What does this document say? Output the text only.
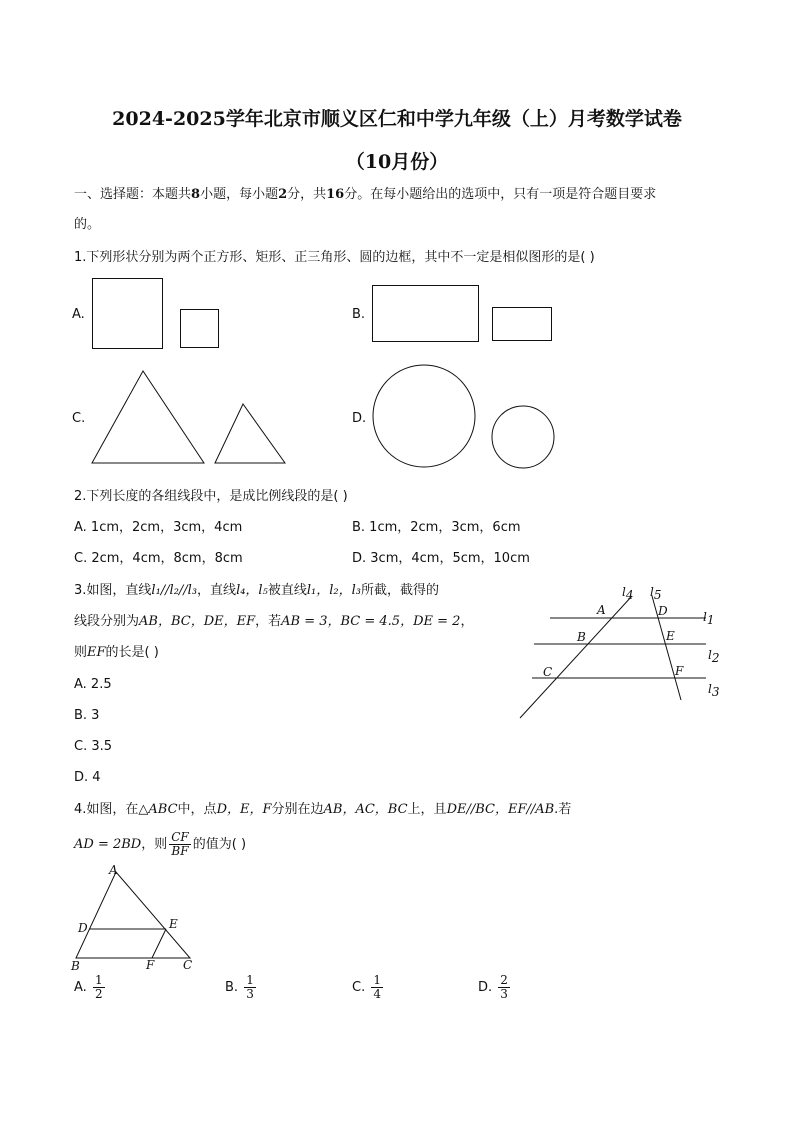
2024-2025学年北京市顺义区仁和中学九年级（上）月考数学试卷
（10月份）
一、选择题：本题共8小题，每小题2分，共16分。在每小题给出的选项中，只有一项是符合题目要求
的。
1.下列形状分别为两个正方形、矩形、正三角形、圆的边框，其中不一定是相似图形的是( )
A.	B.
C.	D.
2.下列长度的各组线段中，是成比例线段的是( )
A. 1cm，2cm，3cm，4cm	B. 1cm，2cm，3cm，6cm
C. 2cm，4cm，8cm，8cm	D. 3cm，4cm，5cm，10cm
3.如图，直线l₁//l₂//l₃，直线l₄，l₅被直线l₁，l₂，l₃所截，截得的
线段分别为AB，BC，DE，EF，若AB = 3，BC = 4.5，DE = 2，
则EF的长是( )
A. 2.5
B. 3
C. 3.5
D. 4
l4 l5
l1
l2
l3
A	D
B	E
C	F
4.如图，在△ABC中，点D，E，F分别在边AB，AC，BC上，且DE//BC，EF//AB.若
AD = 2BD，则 $\frac{CF}{BF}$ 的值为( )
A
D	E
B	F C
A. $\frac{1}{2}$	B. $\frac{1}{3}$	C. $\frac{1}{4}$	D. $\frac{2}{3}$
